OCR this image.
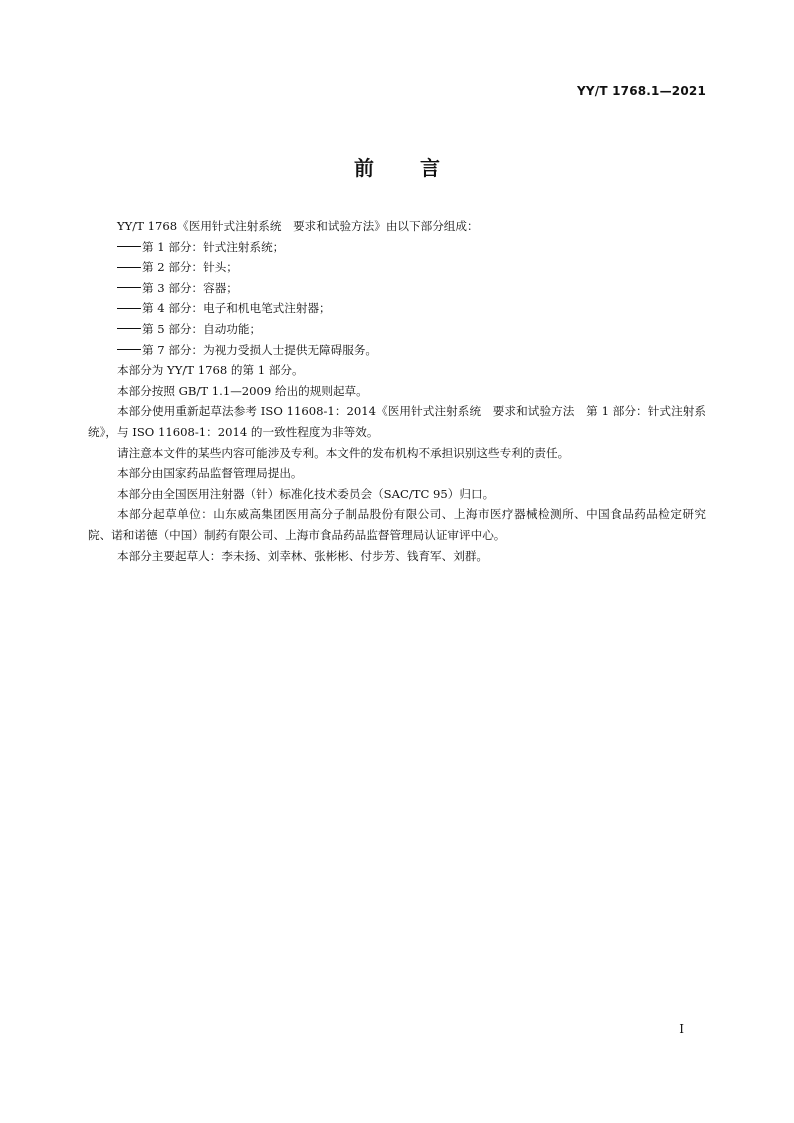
YY/T 1768.1—2021
前言
YY/T 1768《医用针式注射系统　要求和试验方法》由以下部分组成：
第 1 部分：针式注射系统；
第 2 部分：针头；
第 3 部分：容器；
第 4 部分：电子和机电笔式注射器；
第 5 部分：自动功能；
第 7 部分：为视力受损人士提供无障碍服务。
本部分为 YY/T 1768 的第 1 部分。
本部分按照 GB/T 1.1—2009 给出的规则起草。
本部分使用重新起草法参考 ISO 11608-1：2014《医用针式注射系统　要求和试验方法　第 1 部分：针式注射系统》，与 ISO 11608-1：2014 的一致性程度为非等效。
请注意本文件的某些内容可能涉及专利。本文件的发布机构不承担识别这些专利的责任。
本部分由国家药品监督管理局提出。
本部分由全国医用注射器（针）标准化技术委员会（SAC/TC 95）归口。
本部分起草单位：山东威高集团医用高分子制品股份有限公司、上海市医疗器械检测所、中国食品药品检定研究院、诺和诺德（中国）制药有限公司、上海市食品药品监督管理局认证审评中心。
本部分主要起草人：李未扬、刘幸林、张彬彬、付步芳、钱育军、刘群。
I
